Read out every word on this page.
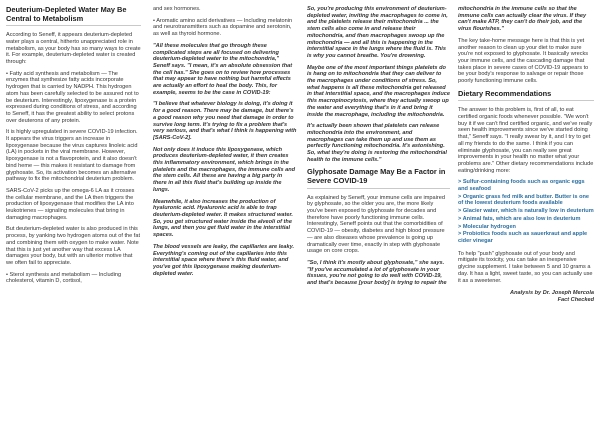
Deuterium-Depleted Water May Be Central to Metabolism

According to Seneff, it appears deuterium-depleted water plays a central, hitherto unappreciated role in metabolism, as your body has so many ways to create it. For example, deuterium-depleted water is created through:

• Fatty acid synthesis and metabolism — The enzymes that synthesize fatty acids incorporate hydrogen that is carried by NADPH. This hydrogen atom has been carefully selected to be assured not to be deuterium. Interestingly, lipoxygenase is a protein expressed during conditions of stress, and according to Seneff, it has the greatest ability to select protons over deuterons of any protein.

It is highly upregulated in severe COVID-19 infection. It appears the virus triggers an increase in lipoxygenase because the virus captures linoleic acid (LA) in pockets in the viral membrane. However, lipoxygenase is not a flavoprotein, and it also doesn't bind heme — this makes it resistant to damage from glyphosate. So, its activation becomes an alternative pathway to fix the mitochondrial deuterium problem.

SARS-CoV-2 picks up the omega-6 LA as it crosses the cellular membrane, and the LA then triggers the production of lipoxygenase that modifies the LA into leukotrienes — signaling molecules that bring in damaging macrophages.

But deuterium-depleted water is also produced in this process, by yanking two hydrogen atoms out of the fat and combining them with oxygen to make water. Note that this is just yet another way that excess LA damages your body, but with an ulterior motive that we often fail to appreciate.

• Sterol synthesis and metabolism — Including cholesterol, vitamin D, cortisol,

and sex hormones.

• Aromatic amino acid derivatives — Including melatonin and neurotransmitters such as dopamine and serotonin, as well as thyroid hormone.

"All these molecules that go through these complicated steps are all focused on delivering deuterium-depleted water to the mitochondria," Seneff says. "I mean, it's an absolute obsession that the cell has." She goes on to review how processes that may appear to have nothing but harmful effects are actually an effort to heal the body. This, for example, seems to be the case in COVID-19:

"I believe that whatever biology is doing, it's doing it for a good reason. There may be damage, but there's a good reason why you need that damage in order to survive long term. It's trying to fix a problem that's very serious, and that's what I think is happening with [SARS-CoV-2].

Not only does it induce this lipoxygenase, which produces deuterium-depleted water, it then creates this inflammatory environment, which brings in the platelets and the macrophages, the immune cells and the stem cells. All these are having a big party in there in all this fluid that's building up inside the lungs.

Meanwhile, it also increases the production of hyaluronic acid. Hyaluronic acid is able to trap deuterium-depleted water. It makes structured water. So, you get structured water inside the alveoli of the lungs, and then you get fluid water in the interstitial spaces.

The blood vessels are leaky, the capillaries are leaky. Everything's coming out of the capillaries into this interstitial space where there's this fluid water, and you've got this lipoxygenase making deuterium-depleted water.

So, you're producing this environment of deuterium-depleted water, inviting the macrophages to come in, and the platelets release their mitochondria ... the stem cells also come in and release their mitochondria, and then macrophages swoop up the mitochondria — and all this is happening in the interstitial space in the lungs where the fluid is. This is why you cannot breathe. You're drowning.

Maybe one of the most important things platelets do is hang on to mitochondria that they can deliver to the macrophages under conditions of stress. So, what happens is all these mitochondria get released in that interstitial space, and the macrophages induce this macropinocytosis, where they actually swoop up the water and everything that's in it and bring it inside the macrophage, including the mitochondria.

It's actually been shown that platelets can release mitochondria into the environment, and macrophages can take them up and use them as perfectly functioning mitochondria. It's astonishing. So, what they're doing is restoring the mitochondrial health to the immune cells."

Glyphosate Damage May Be a Factor in Severe COVID-19

As explained by Seneff, your immune cells are impaired by glyphosate, so the older you are, the more likely you've been exposed to glyphosate for decades and therefore have poorly functioning immune cells. Interestingly, Seneff points out that the comorbidities of COVID-19 — obesity, diabetes and high blood pressure — are also diseases whose prevalence is going up dramatically over time, exactly in step with glyphosate usage on core crops.

"So, I think it's mostly about glyphosate," she says. "If you've accumulated a lot of glyphosate in your tissues, you're not going to do well with COVID-19, and that's because [your body] is trying to repair the

mitochondria in the immune cells so that the immune cells can actually clear the virus. If they can't make ATP, they can't do their job, and the virus flourishes."

The key take-home message here is that this is yet another reason to clean up your diet to make sure you're not exposed to glyphosate. It basically wrecks your immune cells, and the cascading damage that takes place in severe cases of COVID-19 appears to be your body's response to salvage or repair those poorly functioning immune cells.

Dietary Recommendations

The answer to this problem is, first of all, to eat certified organic foods whenever possible. "We won't buy it if we can't find certified organic, and we've really seen health improvements since we've started doing that," Seneff says. "I really swear by it, and I try to get all my friends to do the same. I think if you can eliminate glyphosate, you can really see great improvements in your health no matter what your problems are." Other dietary recommendations include eating/drinking more:

> Sulfur-containing foods such as organic eggs and seafood

> Organic grass fed milk and butter. Butter is one of the lowest deuterium foods available

> Glacier water, which is naturally low in deuterium

> Animal fats, which are also low in deuterium

> Molecular hydrogen

> Probiotics foods such as sauerkraut and apple cider vinegar

To help "push" glyphosate out of your body and mitigate its toxicity, you can take an inexpensive glycine supplement. I take between 5 and 10 grams a day. It has a light, sweet taste, so you can actually use it as a sweetener.

Analysis by Dr. Joseph Mercola
Fact Checked
